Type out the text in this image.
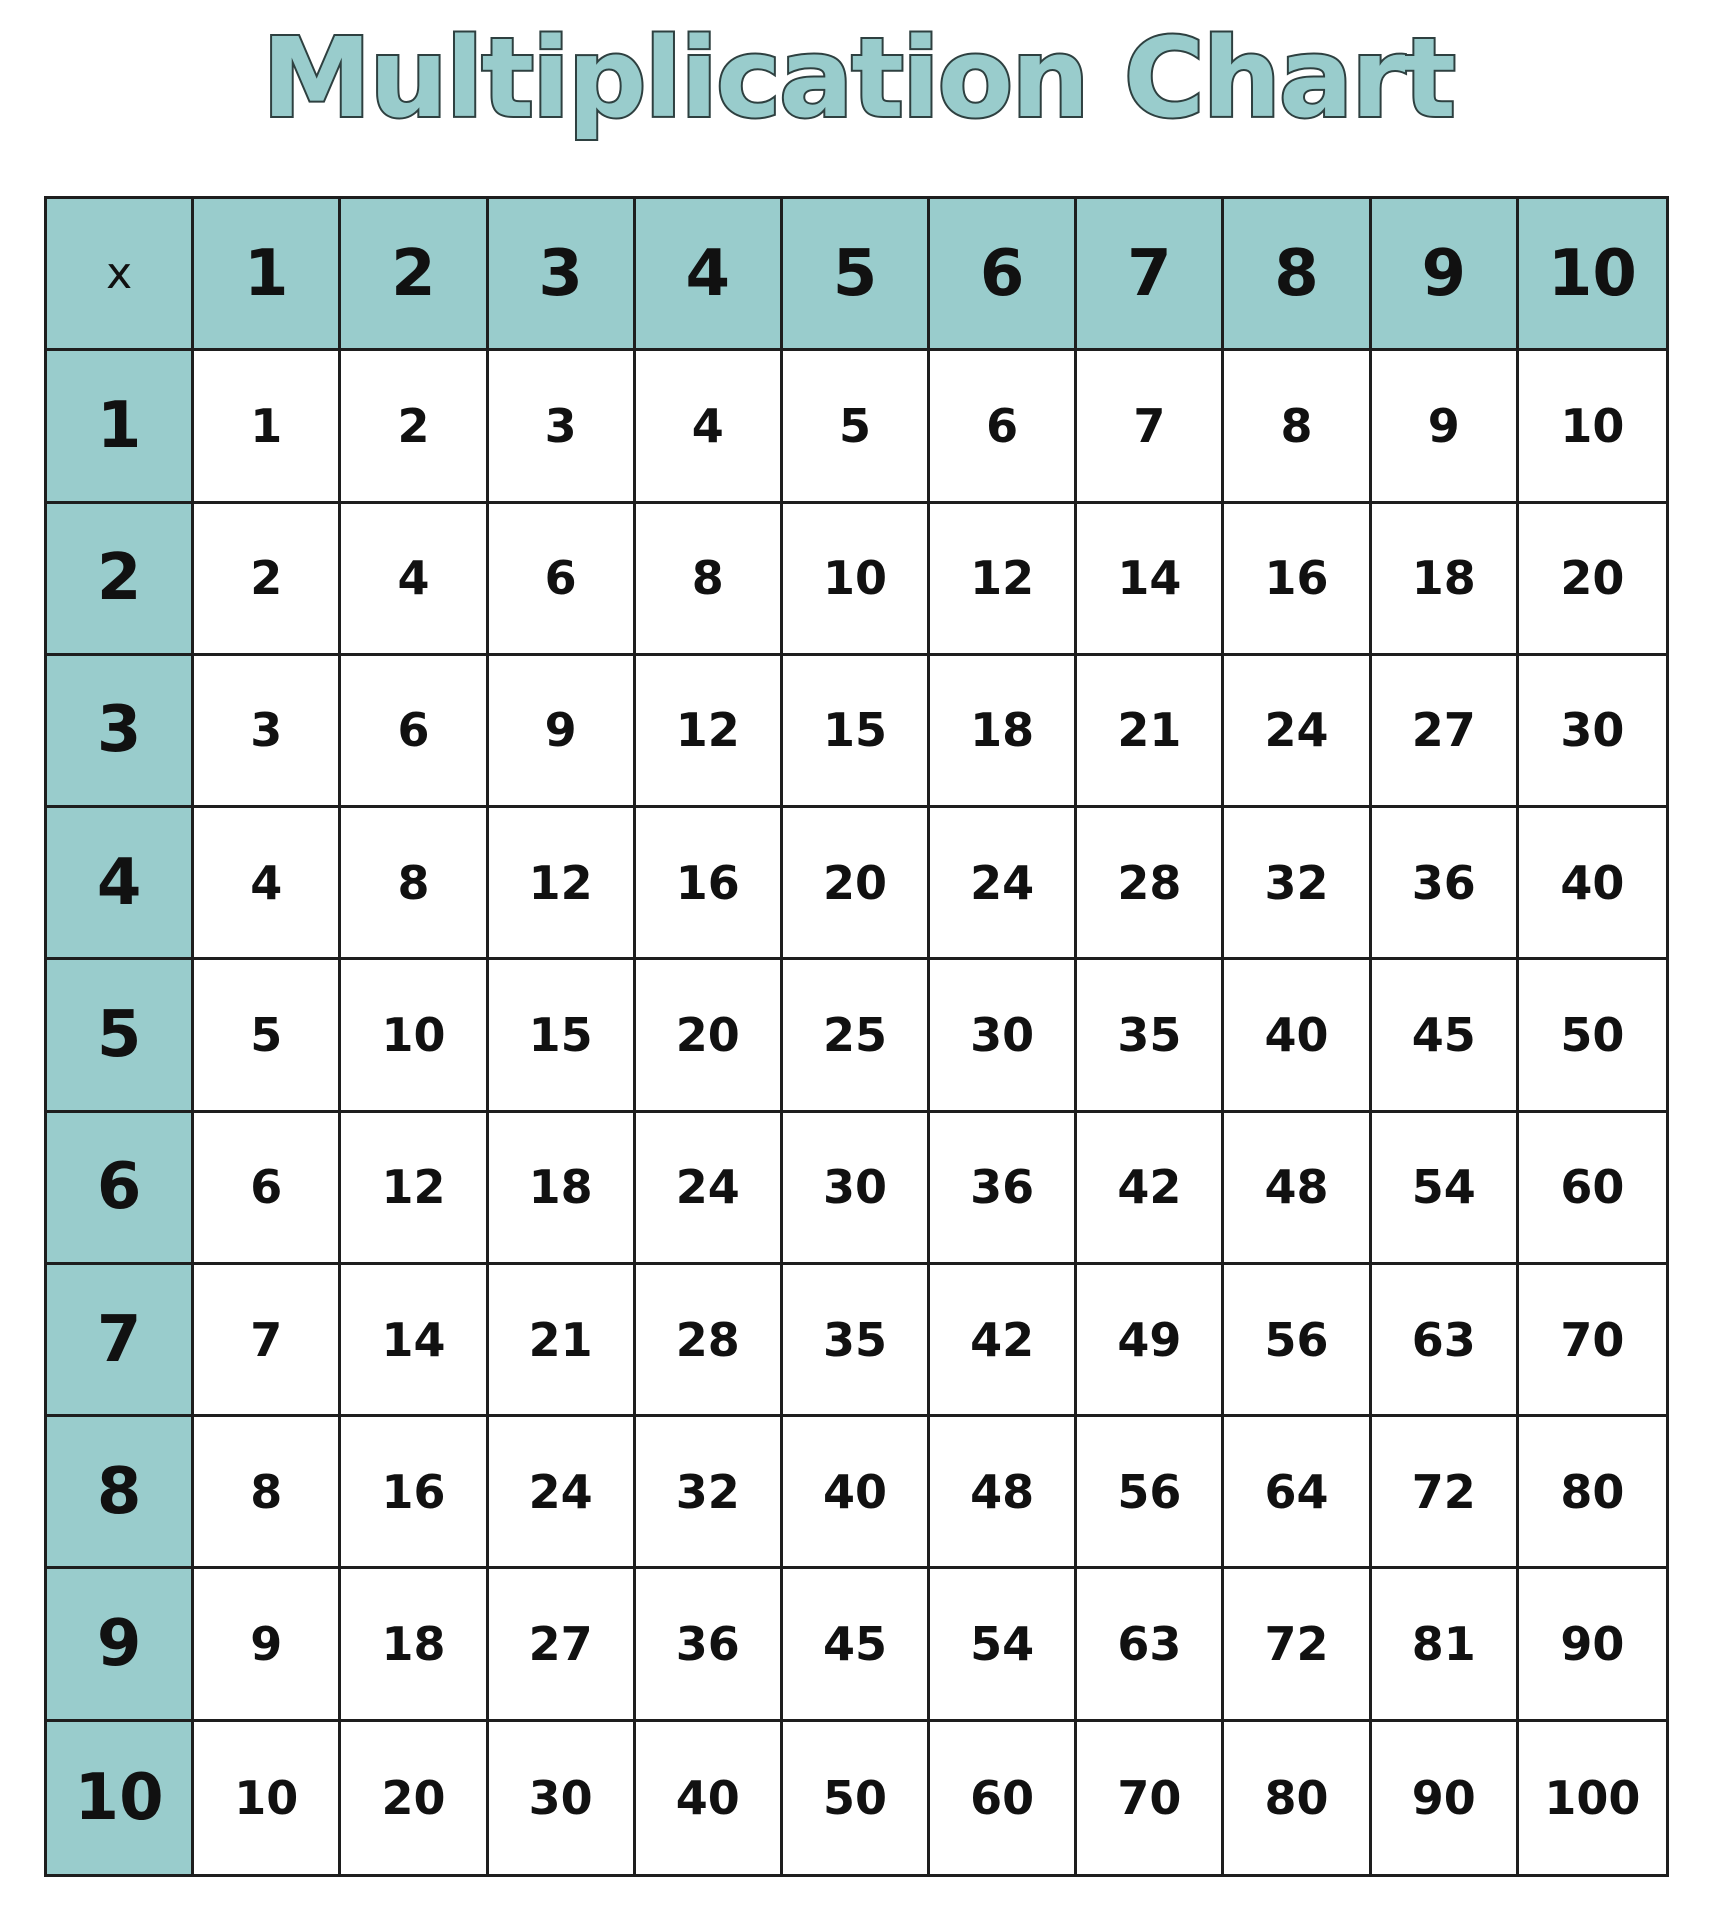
Multiplication Chart
x	1	2	3	4	5	6	7	8	9	10
1	1	2	3	4	5	6	7	8	9	10
2	2	4	6	8	10	12	14	16	18	20
3	3	6	9	12	15	18	21	24	27	30
4	4	8	12	16	20	24	28	32	36	40
5	5	10	15	20	25	30	35	40	45	50
6	6	12	18	24	30	36	42	48	54	60
7	7	14	21	28	35	42	49	56	63	70
8	8	16	24	32	40	48	56	64	72	80
9	9	18	27	36	45	54	63	72	81	90
10	10	20	30	40	50	60	70	80	90	100
